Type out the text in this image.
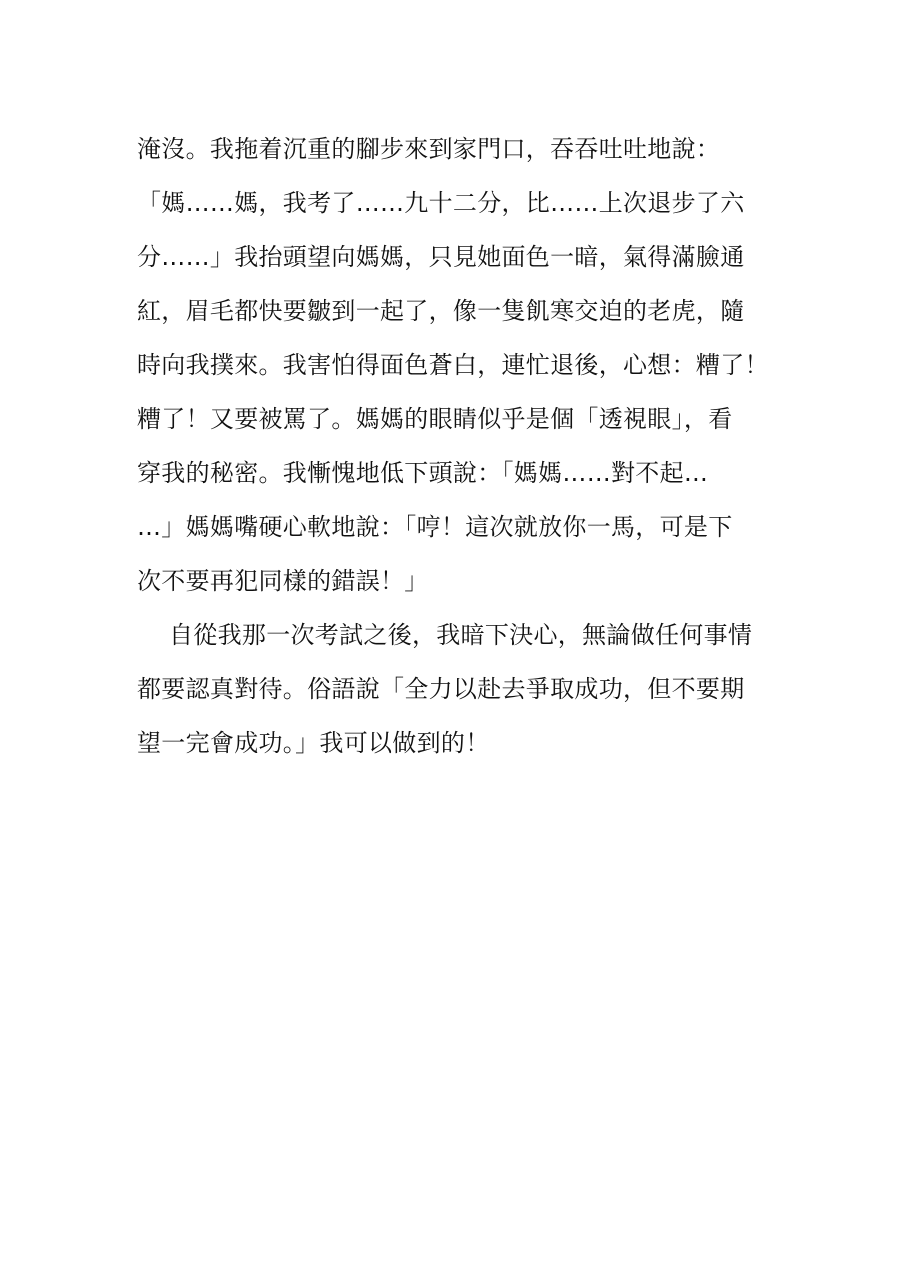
淹沒。我拖着沉重的腳步來到家門口，吞吞吐吐地說：
「媽……媽，我考了……九十二分，比……上次退步了六
分……」我抬頭望向媽媽，只見她面色一暗，氣得滿臉通
紅，眉毛都快要皺到一起了，像一隻飢寒交迫的老虎，隨
時向我撲來。我害怕得面色蒼白，連忙退後，心想：糟了！
糟了！又要被罵了。媽媽的眼睛似乎是個「透視眼」，看
穿我的秘密。我慚愧地低下頭說：「媽媽……對不起…
…」媽媽嘴硬心軟地說：「哼！這次就放你一馬，可是下
次不要再犯同樣的錯誤！」
自從我那一次考試之後，我暗下決心，無論做任何事情
都要認真對待。俗語說「全力以赴去爭取成功，但不要期
望一完會成功。」我可以做到的！
